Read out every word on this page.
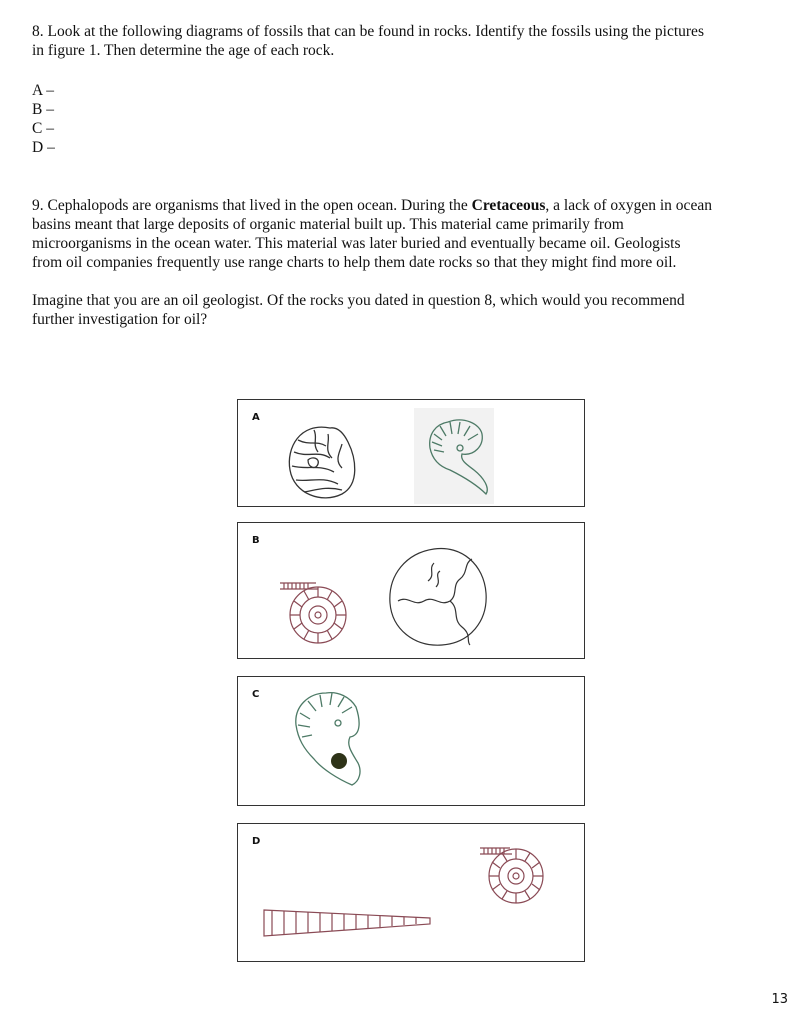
8. Look at the following diagrams of fossils that can be found in rocks. Identify the fossils using the pictures in figure 1. Then determine the age of each rock.

A –
B –
C –
D –

9. Cephalopods are organisms that lived in the open ocean. During the Cretaceous, a lack of oxygen in ocean basins meant that large deposits of organic material built up. This material came primarily from microorganisms in the ocean water. This material was later buried and eventually became oil. Geologists from oil companies frequently use range charts to help them date rocks so that they might find more oil.

Imagine that you are an oil geologist. Of the rocks you dated in question 8, which would you recommend further investigation for oil?

A
B
C
D
13
